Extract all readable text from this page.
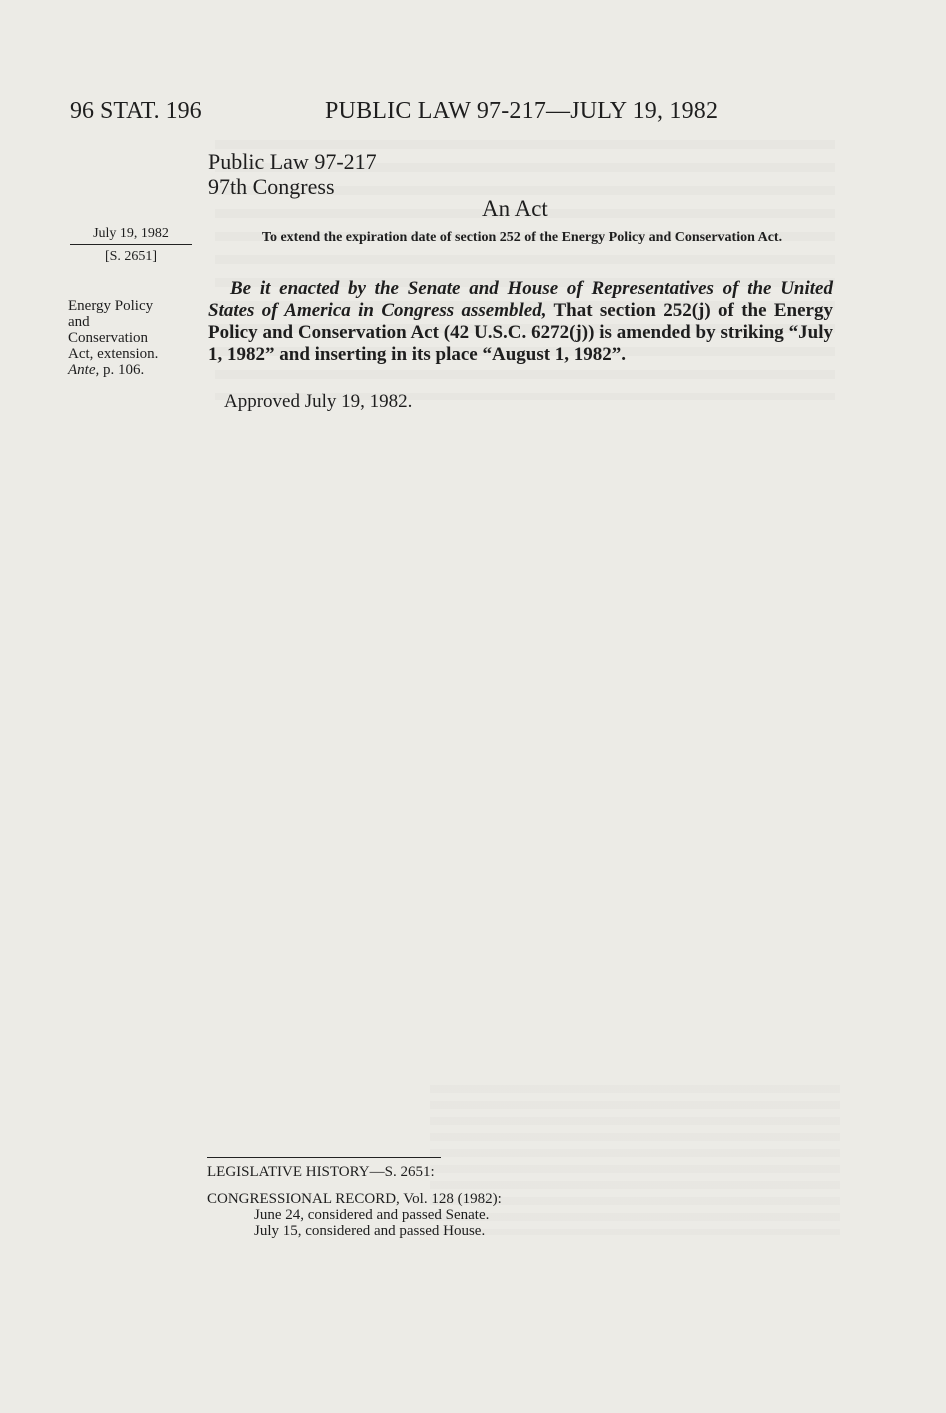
96 STAT. 196	PUBLIC LAW 97-217—JULY 19, 1982
Public Law 97-217
97th Congress
An Act
July 19, 1982
[S. 2651]
To extend the expiration date of section 252 of the Energy Policy and Conservation Act.
Energy Policy
and
Conservation
Act, extension.
Ante, p. 106.
Be it enacted by the Senate and House of Representatives of the United States of America in Congress assembled, That section 252(j) of the Energy Policy and Conservation Act (42 U.S.C. 6272(j)) is amended by striking “July 1, 1982” and inserting in its place “August 1, 1982”.
Approved July 19, 1982.
LEGISLATIVE HISTORY—S. 2651:
CONGRESSIONAL RECORD, Vol. 128 (1982):
June 24, considered and passed Senate.
July 15, considered and passed House.
